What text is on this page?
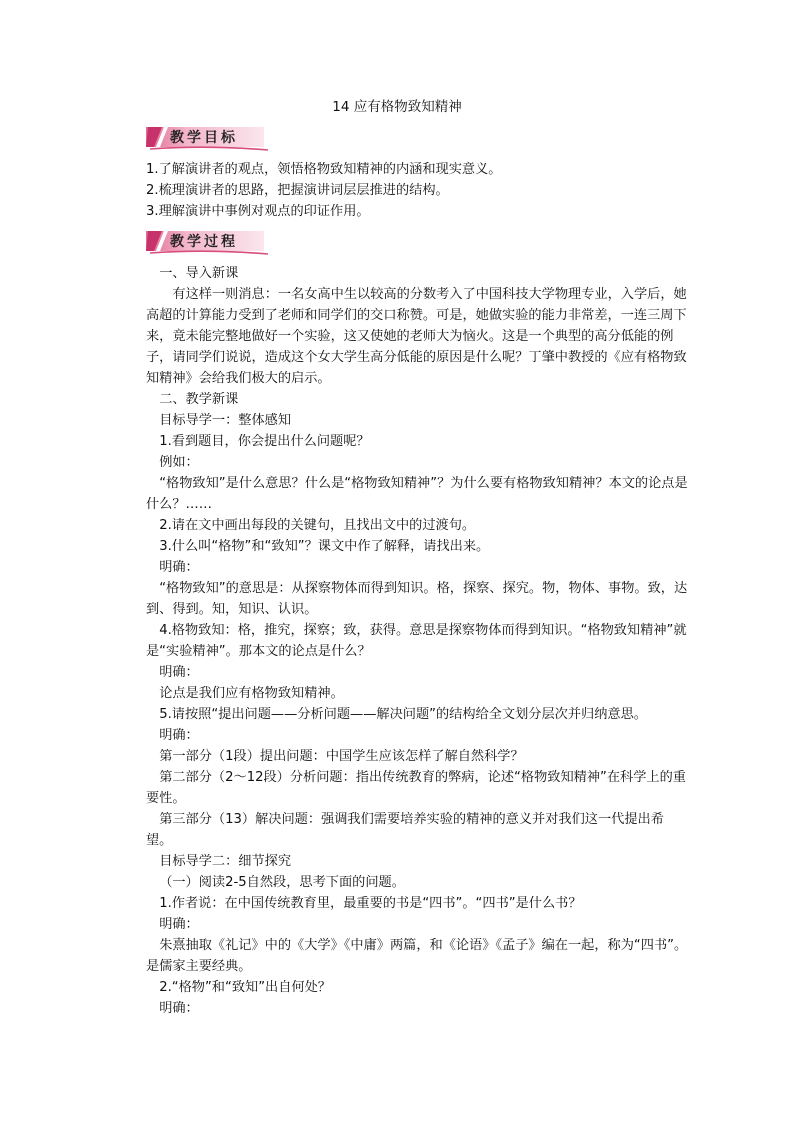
14 应有格物致知精神
教学目标

1.了解演讲者的观点，领悟格物致知精神的内涵和现实意义。

2.梳理演讲者的思路，把握演讲词层层推进的结构。

3.理解演讲中事例对观点的印证作用。

教学过程

一、导入新课

有这样一则消息：一名女高中生以较高的分数考入了中国科技大学物理专业，入学后，她高超的计算能力受到了老师和同学们的交口称赞。可是，她做实验的能力非常差，一连三周下来，竟未能完整地做好一个实验，这又使她的老师大为恼火。这是一个典型的高分低能的例子，请同学们说说，造成这个女大学生高分低能的原因是什么呢？丁肇中教授的《应有格物致知精神》会给我们极大的启示。

二、教学新课

目标导学一：整体感知

1.看到题目，你会提出什么问题呢？

例如：

“格物致知”是什么意思？什么是“格物致知精神”？为什么要有格物致知精神？本文的论点是什么？……

2.请在文中画出每段的关键句，且找出文中的过渡句。

3.什么叫“格物”和“致知”？课文中作了解释，请找出来。

明确：

“格物致知”的意思是：从探察物体而得到知识。格，探察、探究。物，物体、事物。致，达到、得到。知，知识、认识。

4.格物致知：格，推究，探察；致，获得。意思是探察物体而得到知识。“格物致知精神”就是“实验精神”。那本文的论点是什么？

明确：

论点是我们应有格物致知精神。

5.请按照“提出问题——分析问题——解决问题”的结构给全文划分层次并归纳意思。

明确：

第一部分（1段）提出问题：中国学生应该怎样了解自然科学？

第二部分（2～12段）分析问题：指出传统教育的弊病，论述“格物致知精神”在科学上的重要性。

第三部分（13）解决问题：强调我们需要培养实验的精神的意义并对我们这一代提出希望。

目标导学二：细节探究

（一）阅读2-5自然段，思考下面的问题。

1.作者说：在中国传统教育里，最重要的书是“四书”。“四书”是什么书？

明确：

朱熹抽取《礼记》中的《大学》《中庸》两篇，和《论语》《孟子》编在一起，称为“四书”。是儒家主要经典。

2.“格物”和“致知”出自何处？

明确：
